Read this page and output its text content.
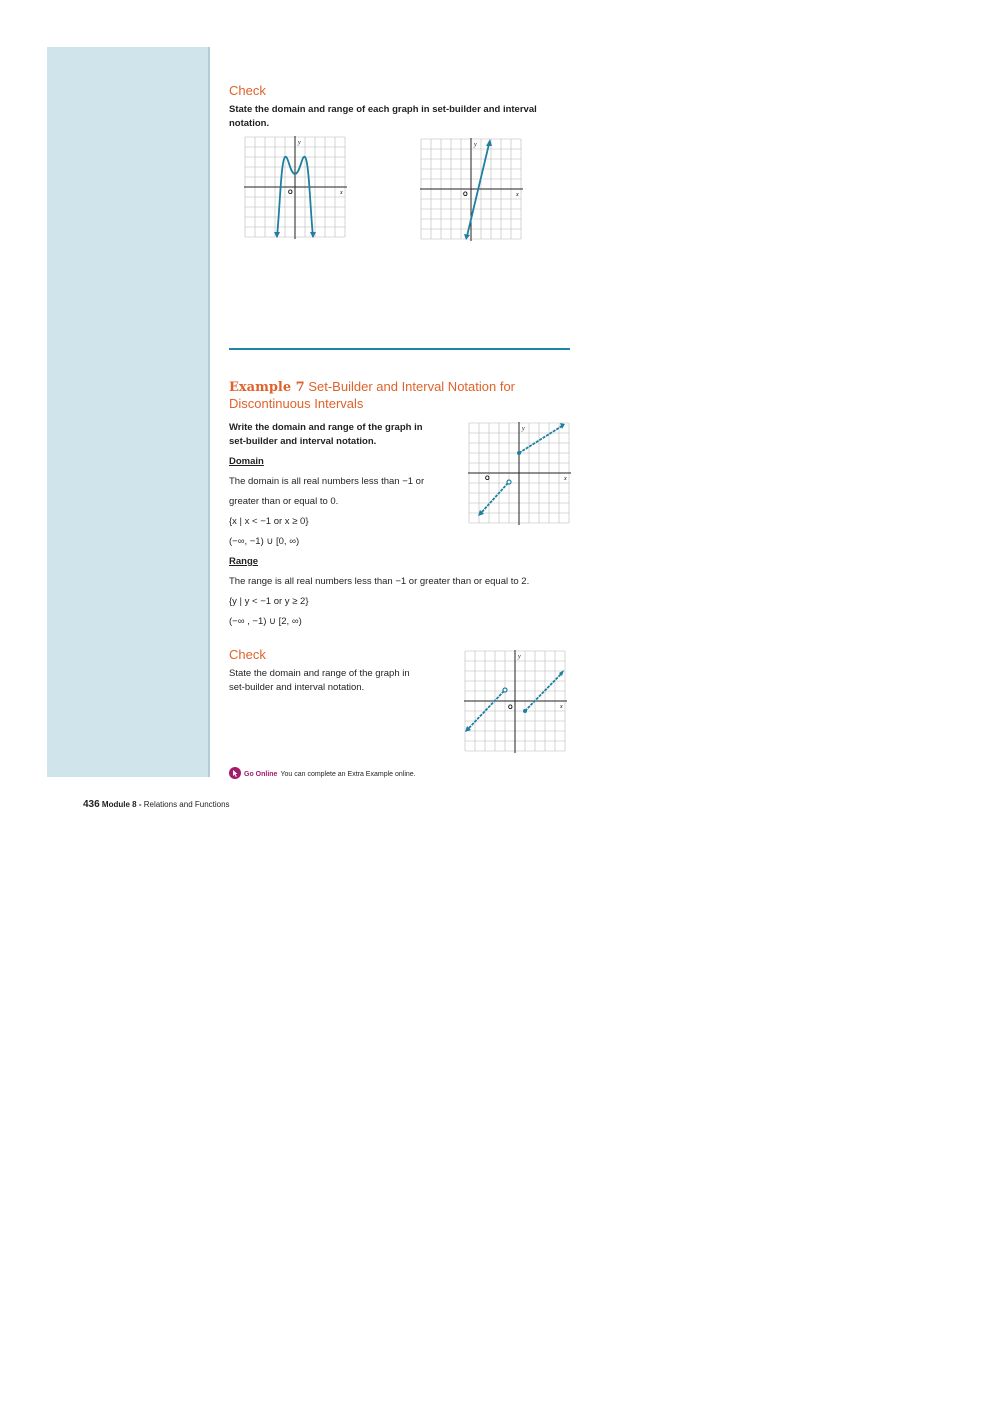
Check
State the domain and range of each graph in set-builder and interval notation.
y
x
O
y
x
O
Example 7 Set-Builder and Interval Notation for
Discontinuous Intervals
Write the domain and range of the graph in
set-builder and interval notation.
Domain
The domain is all real numbers less than −1 or
greater than or equal to 0.
{x | x < −1 or x ≥ 0}
(−∞, −1) ∪ [0, ∞)
Range
The range is all real numbers less than −1 or greater than or equal to 2.
{y | y < −1 or y ≥ 2}
(−∞ , −1) ∪ [2, ∞)
y
x
O
Check
State the domain and range of the graph in
set-builder and interval notation.
y
x
O
Go Online You can complete an Extra Example online.
436 Module 8 - Relations and Functions
